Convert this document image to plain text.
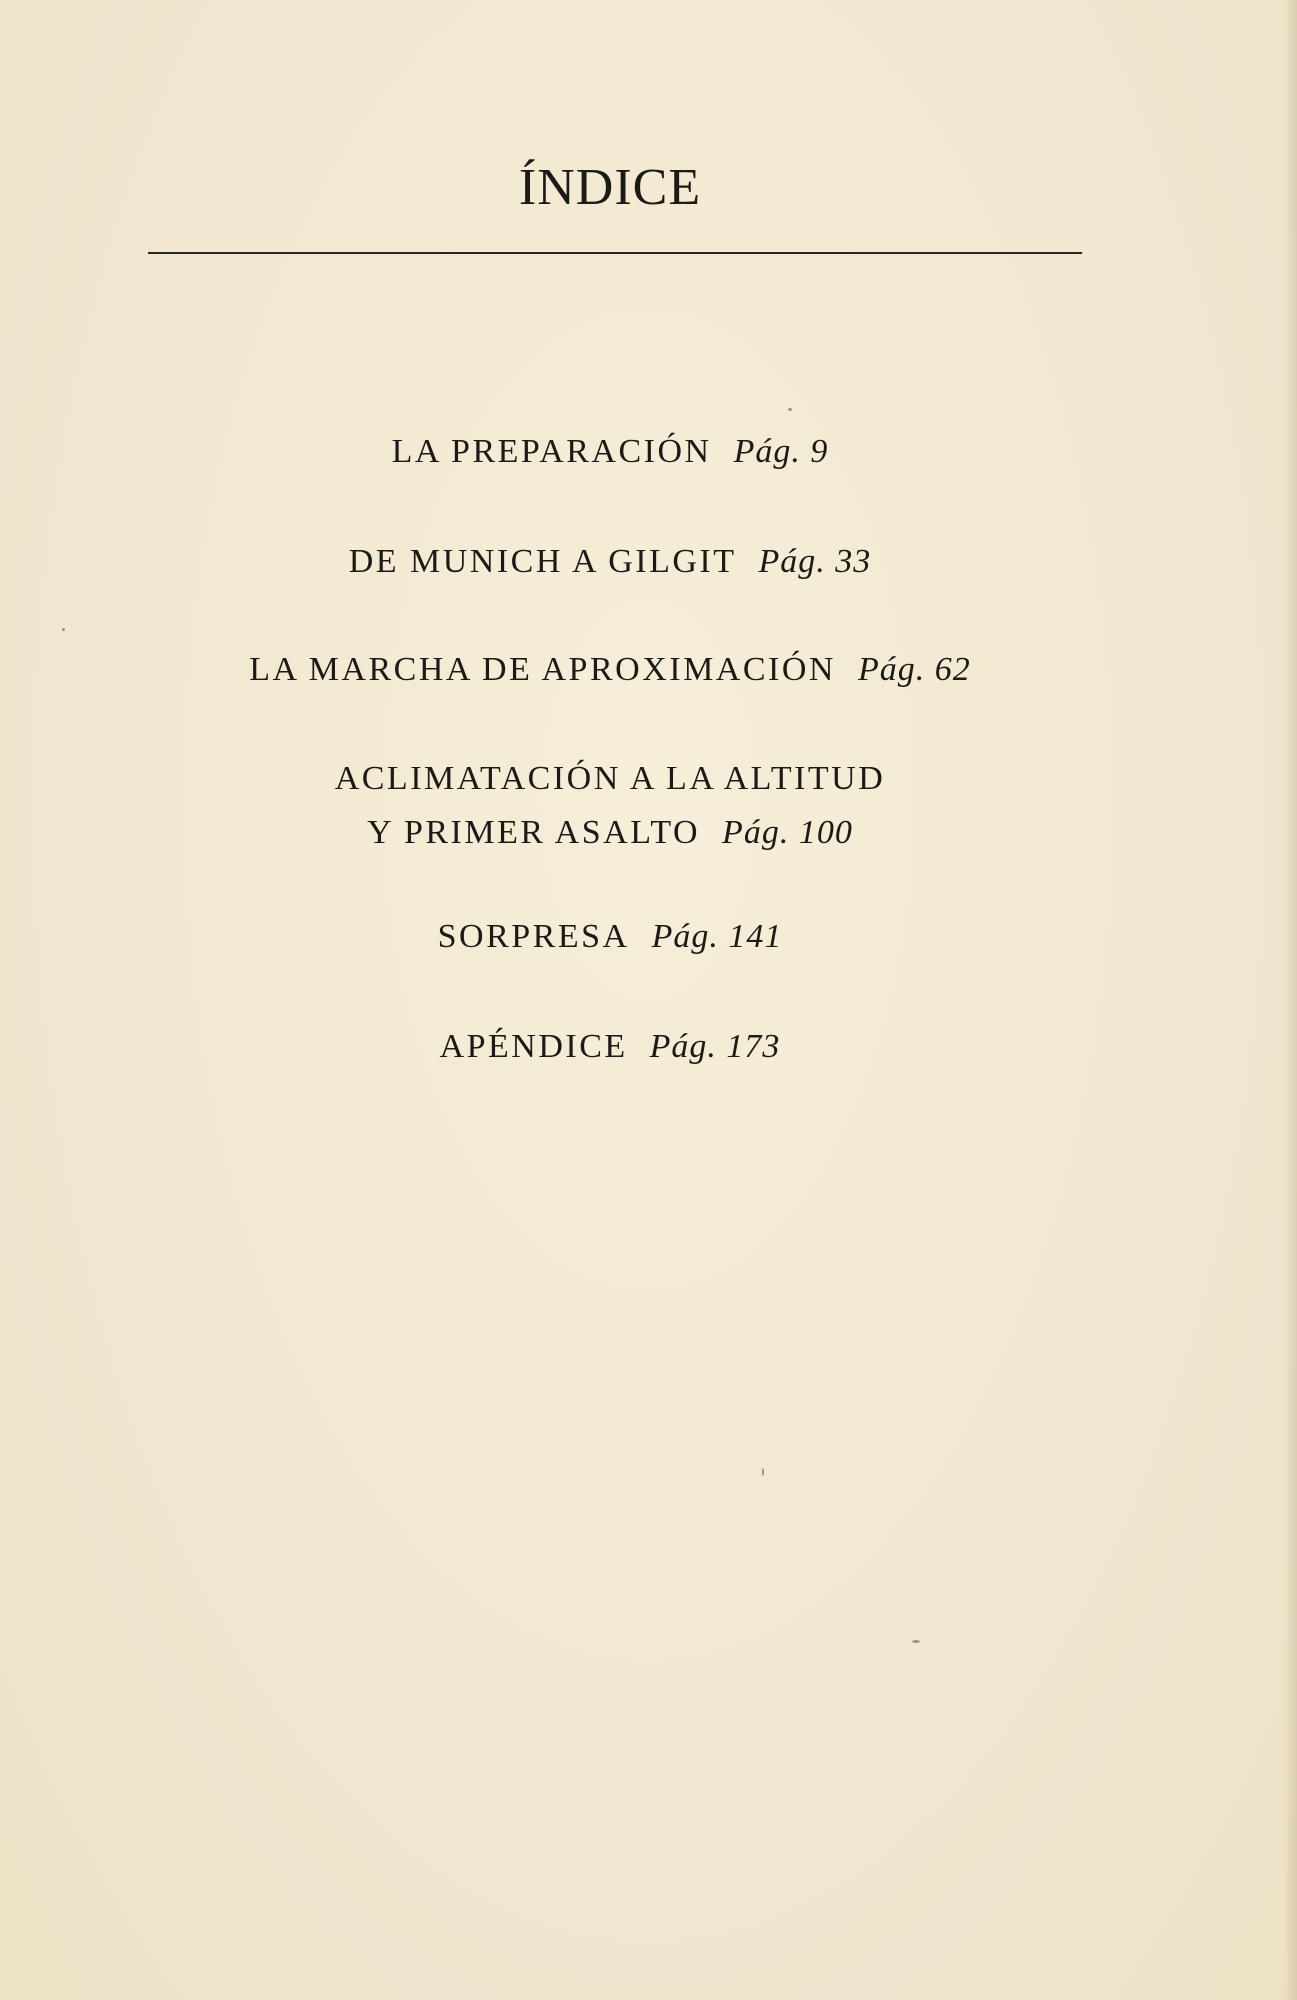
ÍNDICE
LA PREPARACIÓN Pág. 9
DE MUNICH A GILGIT Pág. 33
LA MARCHA DE APROXIMACIÓN Pág. 62
ACLIMATACIÓN A LA ALTITUD
Y PRIMER ASALTO Pág. 100
SORPRESA Pág. 141
APÉNDICE Pág. 173
